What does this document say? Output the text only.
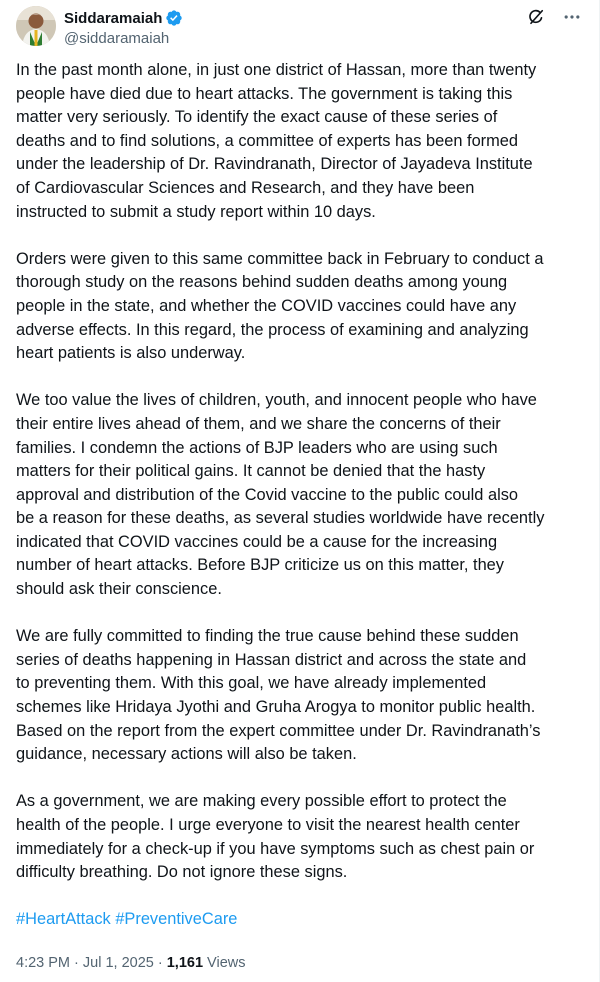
Siddaramaiah
@siddaramaiah

In the past month alone, in just one district of Hassan, more than twenty
people have died due to heart attacks. The government is taking this
matter very seriously. To identify the exact cause of these series of
deaths and to find solutions, a committee of experts has been formed
under the leadership of Dr. Ravindranath, Director of Jayadeva Institute
of Cardiovascular Sciences and Research, and they have been
instructed to submit a study report within 10 days.

Orders were given to this same committee back in February to conduct a
thorough study on the reasons behind sudden deaths among young
people in the state, and whether the COVID vaccines could have any
adverse effects. In this regard, the process of examining and analyzing
heart patients is also underway.

We too value the lives of children, youth, and innocent people who have
their entire lives ahead of them, and we share the concerns of their
families. I condemn the actions of BJP leaders who are using such
matters for their political gains. It cannot be denied that the hasty
approval and distribution of the Covid vaccine to the public could also
be a reason for these deaths, as several studies worldwide have recently
indicated that COVID vaccines could be a cause for the increasing
number of heart attacks. Before BJP criticize us on this matter, they
should ask their conscience.

We are fully committed to finding the true cause behind these sudden
series of deaths happening in Hassan district and across the state and
to preventing them. With this goal, we have already implemented
schemes like Hridaya Jyothi and Gruha Arogya to monitor public health.
Based on the report from the expert committee under Dr. Ravindranath’s
guidance, necessary actions will also be taken.

As a government, we are making every possible effort to protect the
health of the people. I urge everyone to visit the nearest health center
immediately for a check-up if you have symptoms such as chest pain or
difficulty breathing. Do not ignore these signs.

#HeartAttack #PreventiveCare

4:23 PM · Jul 1, 2025 · 1,161 Views
